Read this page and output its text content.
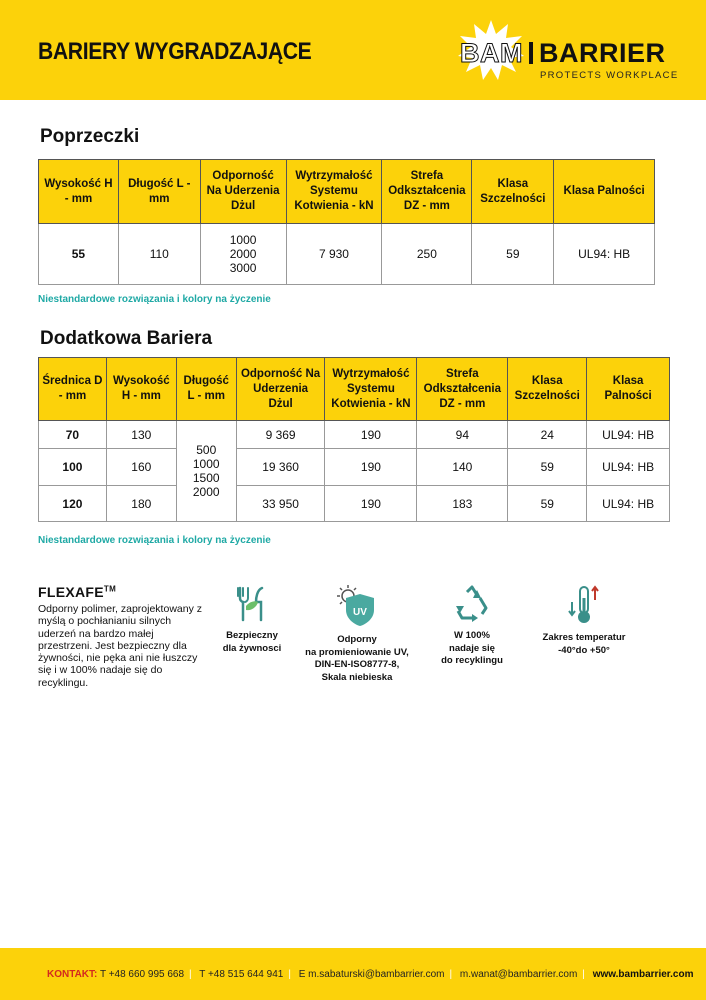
BARIERY WYGRADZAJĄCE	BAM BARRIER
PROTECTS WORKPLACE
Poprzeczki
Wysokość H - mm	Długość L - mm	Odporność Na Uderzenia Dżul	Wytrzymałość Systemu Kotwienia - kN	Strefa Odkształcenia DZ - mm	Klasa Szczelności	Klasa Palności
55	110	1000
2000
3000	7 930	250	59	UL94: HB
Niestandardowe rozwiązania i kolory na życzenie
Dodatkowa Bariera
Średnica D - mm	Wysokość H - mm	Długość L - mm	Odporność Na Uderzenia Dżul	Wytrzymałość Systemu Kotwienia - kN	Strefa Odkształcenia DZ - mm	Klasa Szczelności	Klasa Palności
70	130	500
1000
1500
2000	9 369	190	94	24	UL94: HB
100	160		19 360	190	140	59	UL94: HB
120	180		33 950	190	183	59	UL94: HB
Niestandardowe rozwiązania i kolory na życzenie
FLEXAFE™
Odporny polimer, zaprojektowany z myślą o pochłanianiu silnych uderzeń na bardzo małej przestrzeni. Jest bezpieczny dla żywności, nie pęka ani nie łuszczy się i w 100% nadaje się do recyklingu.
Bezpieczny
dla żywnosci
UV
Odporny
na promieniowanie UV,
DIN-EN-ISO8777-8,
Skala niebieska
W 100%
nadaje się
do recyklingu
Zakres temperatur
-40°do +50°
KONTAKT: T +48 660 995 668 | T +48 515 644 941 | E m.sabaturski@bambarrier.com | m.wanat@bambarrier.com | www.bambarrier.com
